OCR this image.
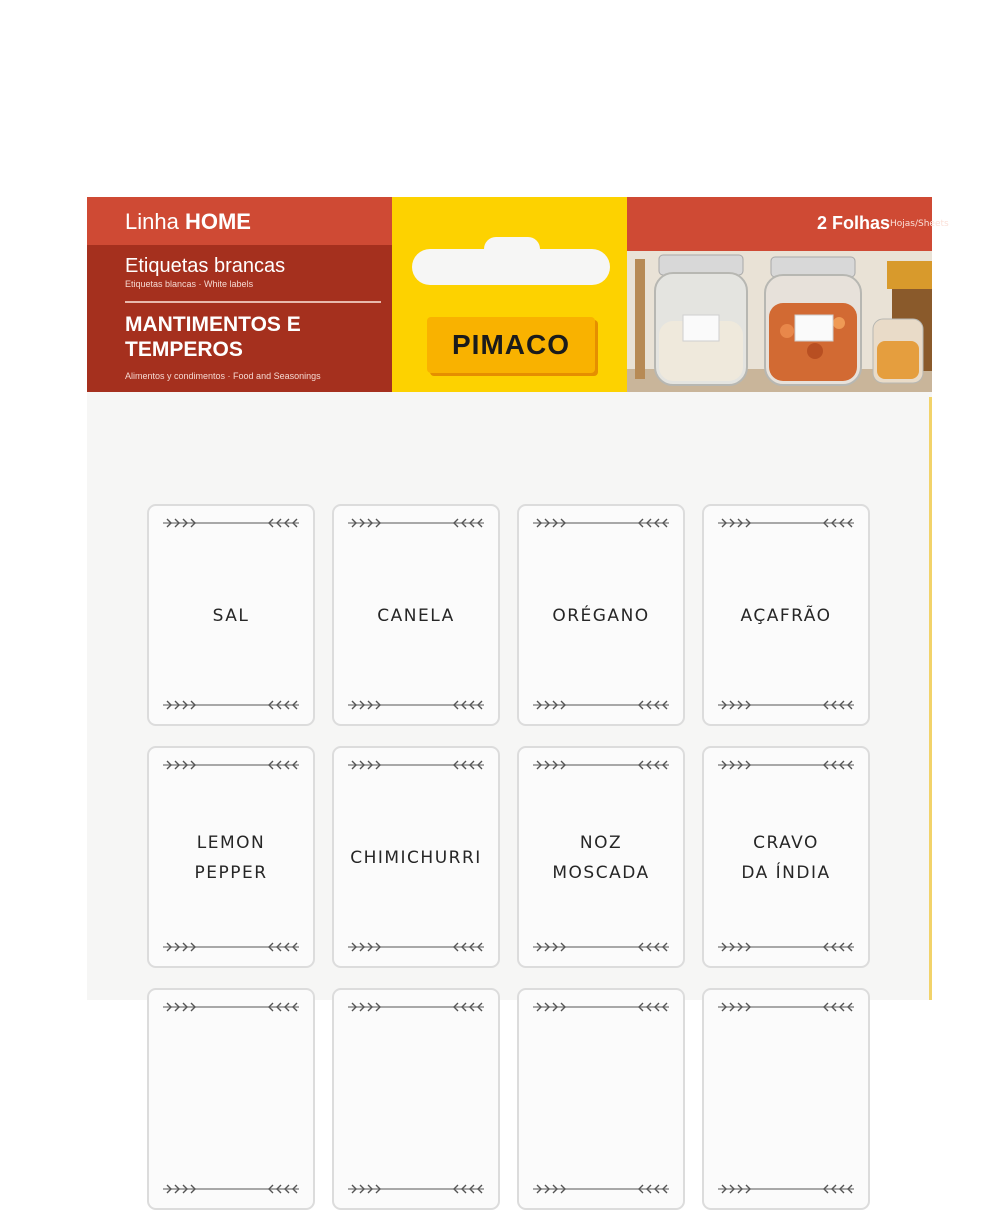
Linha HOME
Etiquetas brancas
Etiquetas blancas · White labels
MANTIMENTOS E
TEMPEROS
Alimentos y condimentos · Food and Seasonings
PIMACO
2 Folhas Hojas/Sheets
SAL	CANELA	ORÉGANO	AÇAFRÃO
LEMON
PEPPER
CHIMICHURRI
NOZ
MOSCADA
CRAVO
DA ÍNDIA
